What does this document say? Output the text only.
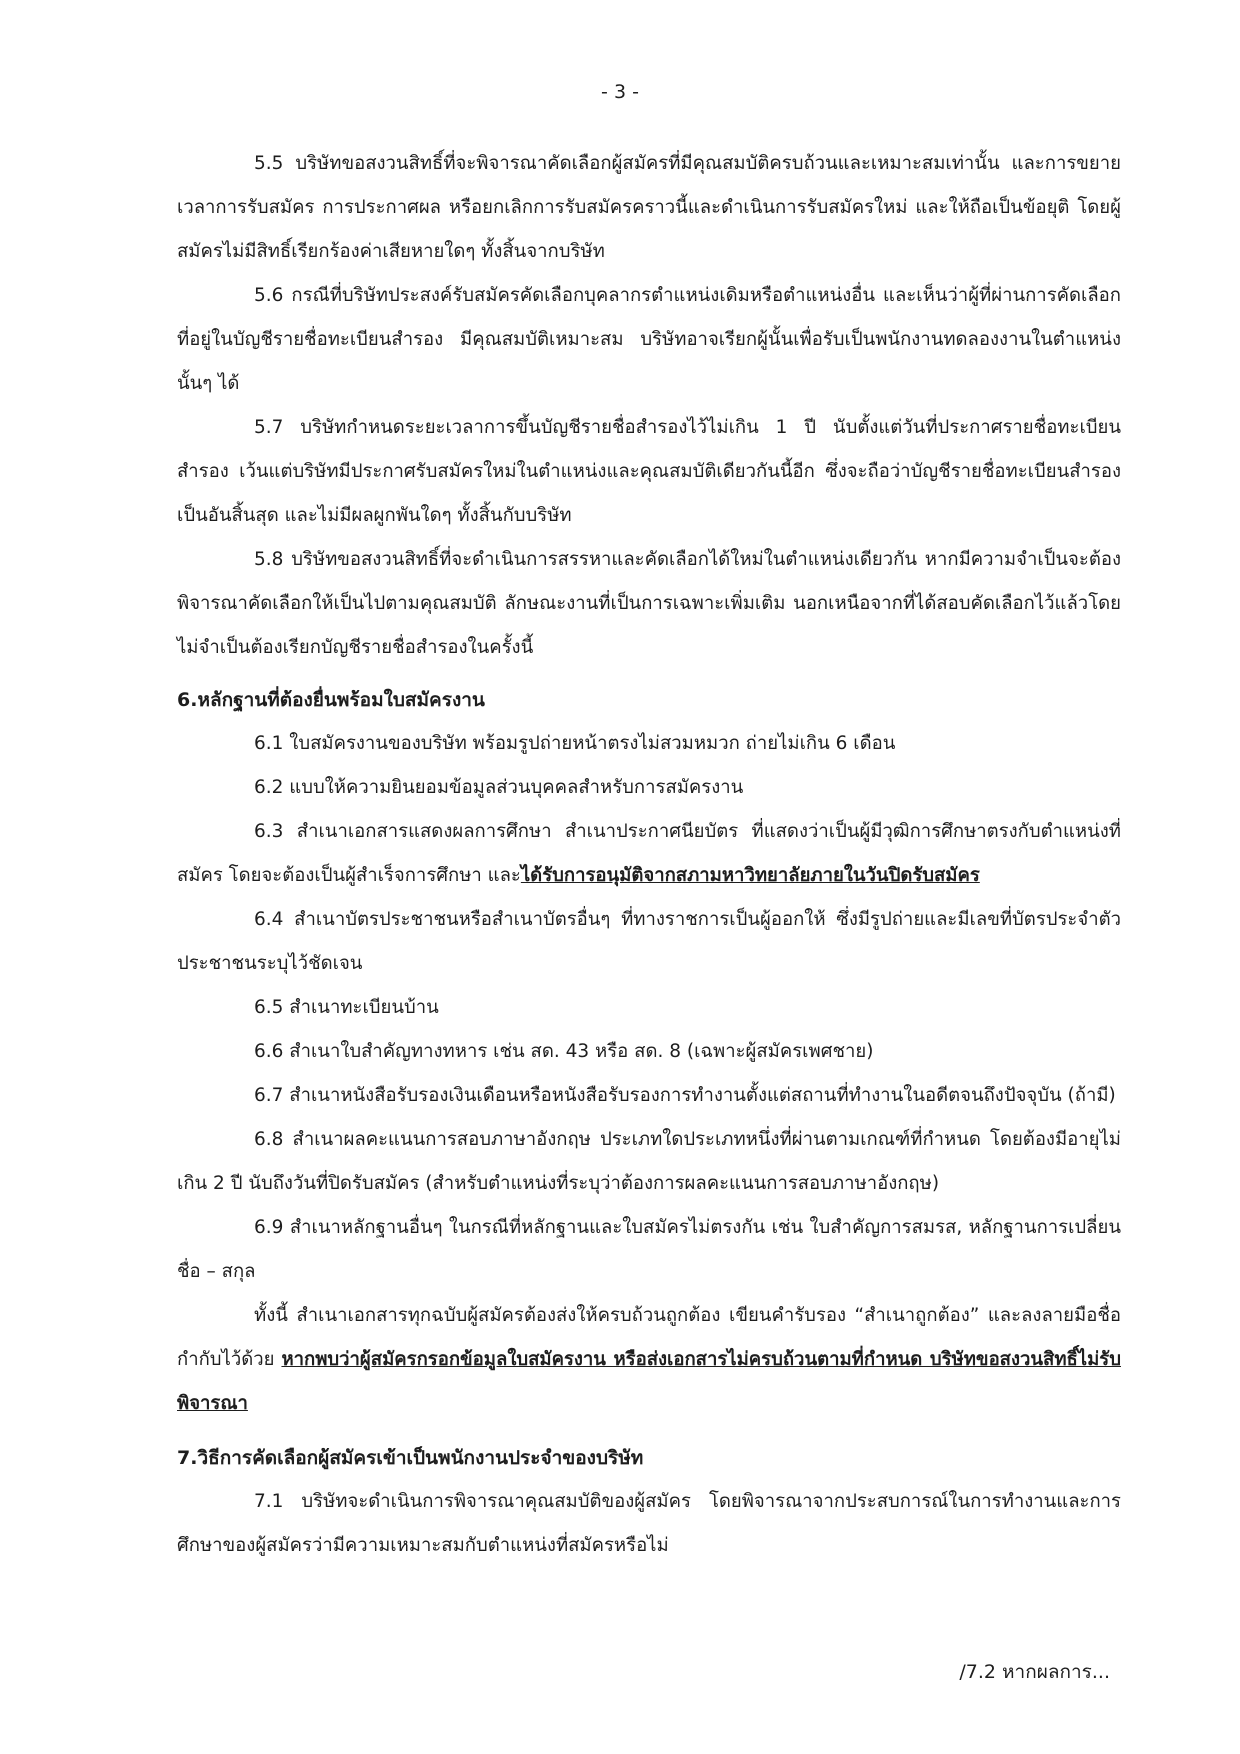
- 3 -

5.5 บริษัทขอสงวนสิทธิ์ที่จะพิจารณาคัดเลือกผู้สมัครที่มีคุณสมบัติครบถ้วนและเหมาะสมเท่านั้น และการขยายเวลาการรับสมัคร การประกาศผล หรือยกเลิกการรับสมัครคราวนี้และดำเนินการรับสมัครใหม่ และให้ถือเป็นข้อยุติ โดยผู้สมัครไม่มีสิทธิ์เรียกร้องค่าเสียหายใดๆ ทั้งสิ้นจากบริษัท

5.6 กรณีที่บริษัทประสงค์รับสมัครคัดเลือกบุคลากรตำแหน่งเดิมหรือตำแหน่งอื่น และเห็นว่าผู้ที่ผ่านการคัดเลือกที่อยู่ในบัญชีรายชื่อทะเบียนสำรอง มีคุณสมบัติเหมาะสม บริษัทอาจเรียกผู้นั้นเพื่อรับเป็นพนักงานทดลองงานในตำแหน่งนั้นๆ ได้

5.7 บริษัทกำหนดระยะเวลาการขึ้นบัญชีรายชื่อสำรองไว้ไม่เกิน 1 ปี นับตั้งแต่วันที่ประกาศรายชื่อทะเบียนสำรอง เว้นแต่บริษัทมีประกาศรับสมัครใหม่ในตำแหน่งและคุณสมบัติเดียวกันนี้อีก ซึ่งจะถือว่าบัญชีรายชื่อทะเบียนสำรองเป็นอันสิ้นสุด และไม่มีผลผูกพันใดๆ ทั้งสิ้นกับบริษัท

5.8 บริษัทขอสงวนสิทธิ์ที่จะดำเนินการสรรหาและคัดเลือกได้ใหม่ในตำแหน่งเดียวกัน หากมีความจำเป็นจะต้องพิจารณาคัดเลือกให้เป็นไปตามคุณสมบัติ ลักษณะงานที่เป็นการเฉพาะเพิ่มเติม นอกเหนือจากที่ได้สอบคัดเลือกไว้แล้วโดยไม่จำเป็นต้องเรียกบัญชีรายชื่อสำรองในครั้งนี้

6.หลักฐานที่ต้องยื่นพร้อมใบสมัครงาน

6.1 ใบสมัครงานของบริษัท พร้อมรูปถ่ายหน้าตรงไม่สวมหมวก ถ่ายไม่เกิน 6 เดือน

6.2 แบบให้ความยินยอมข้อมูลส่วนบุคคลสำหรับการสมัครงาน

6.3 สำเนาเอกสารแสดงผลการศึกษา สำเนาประกาศนียบัตร ที่แสดงว่าเป็นผู้มีวุฒิการศึกษาตรงกับตำแหน่งที่สมัคร โดยจะต้องเป็นผู้สำเร็จการศึกษา และได้รับการอนุมัติจากสภามหาวิทยาลัยภายในวันปิดรับสมัคร

6.4 สำเนาบัตรประชาชนหรือสำเนาบัตรอื่นๆ ที่ทางราชการเป็นผู้ออกให้ ซึ่งมีรูปถ่ายและมีเลขที่บัตรประจำตัวประชาชนระบุไว้ชัดเจน

6.5 สำเนาทะเบียนบ้าน

6.6 สำเนาใบสำคัญทางทหาร เช่น สด. 43 หรือ สด. 8 (เฉพาะผู้สมัครเพศชาย)

6.7 สำเนาหนังสือรับรองเงินเดือนหรือหนังสือรับรองการทำงานตั้งแต่สถานที่ทำงานในอดีตจนถึงปัจจุบัน (ถ้ามี)

6.8 สำเนาผลคะแนนการสอบภาษาอังกฤษ ประเภทใดประเภทหนึ่งที่ผ่านตามเกณฑ์ที่กำหนด โดยต้องมีอายุไม่เกิน 2 ปี นับถึงวันที่ปิดรับสมัคร (สำหรับตำแหน่งที่ระบุว่าต้องการผลคะแนนการสอบภาษาอังกฤษ)

6.9 สำเนาหลักฐานอื่นๆ ในกรณีที่หลักฐานและใบสมัครไม่ตรงกัน เช่น ใบสำคัญการสมรส, หลักฐานการเปลี่ยนชื่อ – สกุล

ทั้งนี้ สำเนาเอกสารทุกฉบับผู้สมัครต้องส่งให้ครบถ้วนถูกต้อง เขียนคำรับรอง “สำเนาถูกต้อง” และลงลายมือชื่อกำกับไว้ด้วย หากพบว่าผู้สมัครกรอกข้อมูลใบสมัครงาน หรือส่งเอกสารไม่ครบถ้วนตามที่กำหนด บริษัทขอสงวนสิทธิ์ไม่รับพิจารณา

7.วิธีการคัดเลือกผู้สมัครเข้าเป็นพนักงานประจำของบริษัท

7.1 บริษัทจะดำเนินการพิจารณาคุณสมบัติของผู้สมัคร โดยพิจารณาจากประสบการณ์ในการทำงานและการศึกษาของผู้สมัครว่ามีความเหมาะสมกับตำแหน่งที่สมัครหรือไม่

/7.2 หากผลการ...
